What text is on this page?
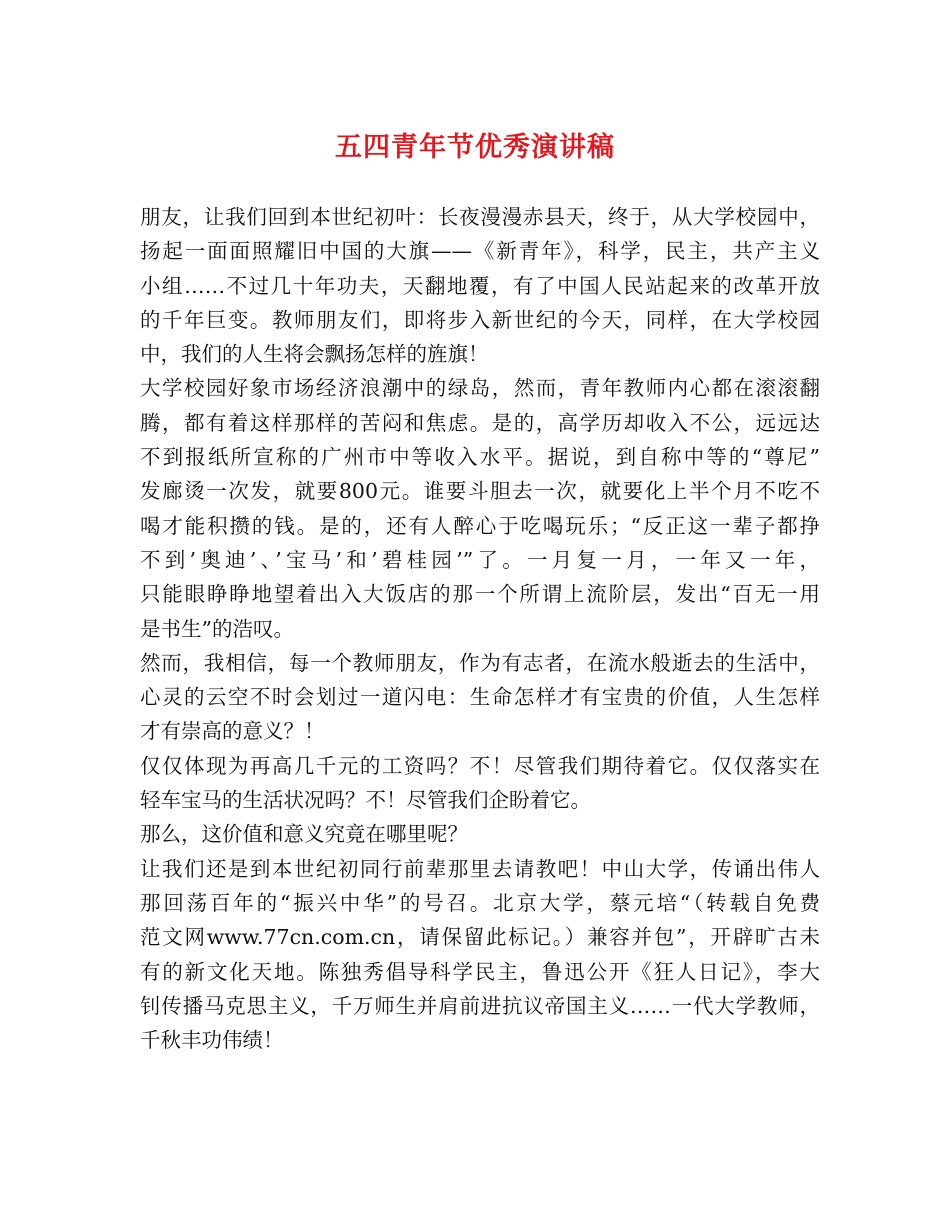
五四青年节优秀演讲稿
朋友，让我们回到本世纪初叶：长夜漫漫赤县天，终于，从大学校园中，
扬起一面面照耀旧中国的大旗——《新青年》，科学，民主，共产主义
小组……不过几十年功夫，天翻地覆，有了中国人民站起来的改革开放
的千年巨变。教师朋友们，即将步入新世纪的今天，同样，在大学校园
中，我们的人生将会飘扬怎样的旌旗！
大学校园好象市场经济浪潮中的绿岛，然而，青年教师内心都在滚滚翻
腾，都有着这样那样的苦闷和焦虑。是的，高学历却收入不公，远远达
不到报纸所宣称的广州市中等收入水平。据说，到自称中等的“尊尼”
发廊烫一次发，就要800元。谁要斗胆去一次，就要化上半个月不吃不
喝才能积攒的钱。是的，还有人醉心于吃喝玩乐；“反正这一辈子都挣
不到’奥迪’、’宝马’和’碧桂园’”了。一月复一月，一年又一年，
只能眼睁睁地望着出入大饭店的那一个所谓上流阶层，发出“百无一用
是书生”的浩叹。
然而，我相信，每一个教师朋友，作为有志者，在流水般逝去的生活中，
心灵的云空不时会划过一道闪电：生命怎样才有宝贵的价值，人生怎样
才有崇高的意义？！
仅仅体现为再高几千元的工资吗？不！尽管我们期待着它。仅仅落实在
轻车宝马的生活状况吗？不！尽管我们企盼着它。
那么，这价值和意义究竟在哪里呢？
让我们还是到本世纪初同行前辈那里去请教吧！中山大学，传诵出伟人
那回荡百年的“振兴中华”的号召。北京大学，蔡元培“（转载自免费
范文网www.77cn.com.cn，请保留此标记。）兼容并包”，开辟旷古未
有的新文化天地。陈独秀倡导科学民主，鲁迅公开《狂人日记》，李大
钊传播马克思主义，千万师生并肩前进抗议帝国主义……一代大学教师，
千秋丰功伟绩！
